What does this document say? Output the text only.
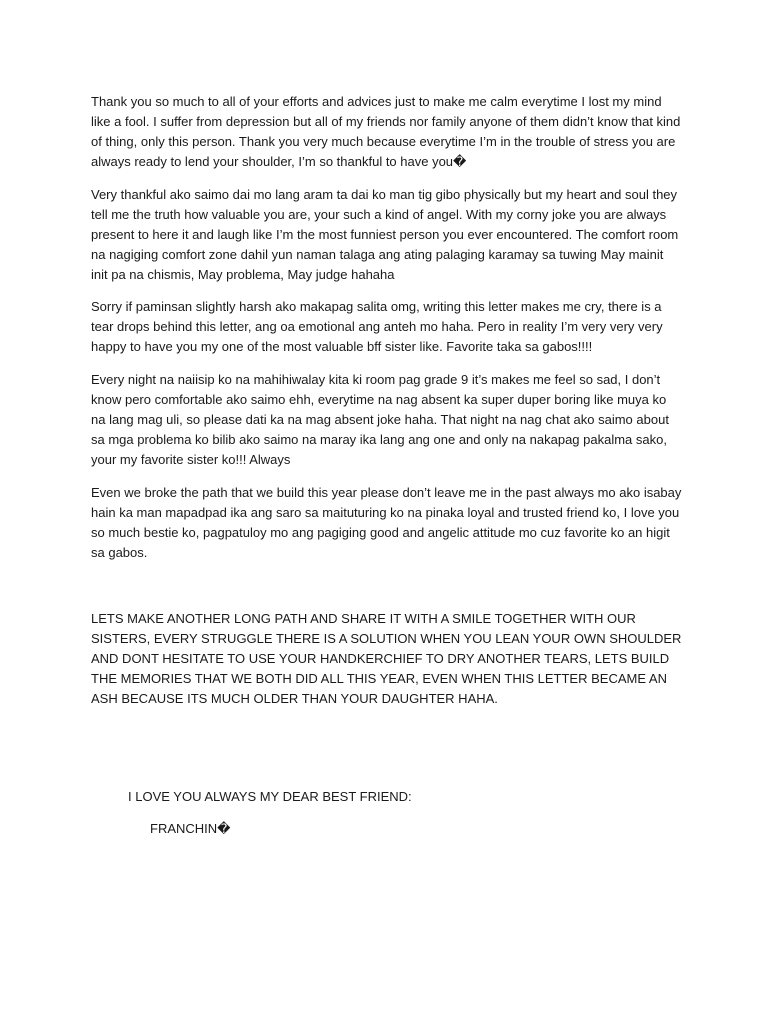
Thank you so much to all of your efforts and advices just to make me calm everytime I lost my mind like a fool. I suffer from depression but all of my friends nor family anyone of them didn’t know that kind of thing, only this person. Thank you very much because everytime I’m in the trouble of stress you are always ready to lend your shoulder, I’m so thankful to have you�

Very thankful ako saimo dai mo lang aram ta dai ko man tig gibo physically but my heart and soul they tell me the truth how valuable you are, your such a kind of angel. With my corny joke you are always present to here it and laugh like I’m the most funniest person you ever encountered. The comfort room na nagiging comfort zone dahil yun naman talaga ang ating palaging karamay sa tuwing May mainit init pa na chismis, May problema, May judge hahaha

Sorry if paminsan slightly harsh ako makapag salita omg, writing this letter makes me cry, there is a tear drops behind this letter, ang oa emotional ang anteh mo haha. Pero in reality I’m very very very happy to have you my one of the most valuable bff sister like. Favorite taka sa gabos!!!!

Every night na naiisip ko na mahihiwalay kita ki room pag grade 9 it’s makes me feel so sad, I don’t know pero comfortable ako saimo ehh, everytime na nag absent ka super duper boring like muya ko na lang mag uli, so please dati ka na mag absent joke haha. That night na nag chat ako saimo about sa mga problema ko bilib ako saimo na maray ika lang ang one and only na nakapag pakalma sako, your my favorite sister ko!!! Always

Even we broke the path that we build this year please don’t leave me in the past always mo ako isabay hain ka man mapadpad ika ang saro sa maituturing ko na pinaka loyal and trusted friend ko, I love you so much bestie ko, pagpatuloy mo ang pagiging good and angelic attitude mo cuz favorite ko an higit sa gabos.

LETS MAKE ANOTHER LONG PATH AND SHARE IT WITH A SMILE TOGETHER WITH OUR SISTERS, EVERY STRUGGLE THERE IS A SOLUTION WHEN YOU LEAN YOUR OWN SHOULDER AND DONT HESITATE TO USE YOUR HANDKERCHIEF TO DRY ANOTHER TEARS, LETS BUILD THE MEMORIES THAT WE BOTH DID ALL THIS YEAR, EVEN WHEN THIS LETTER BECAME AN ASH BECAUSE ITS MUCH OLDER THAN YOUR DAUGHTER HAHA.

I LOVE YOU ALWAYS MY DEAR BEST FRIEND:

FRANCHIN�
